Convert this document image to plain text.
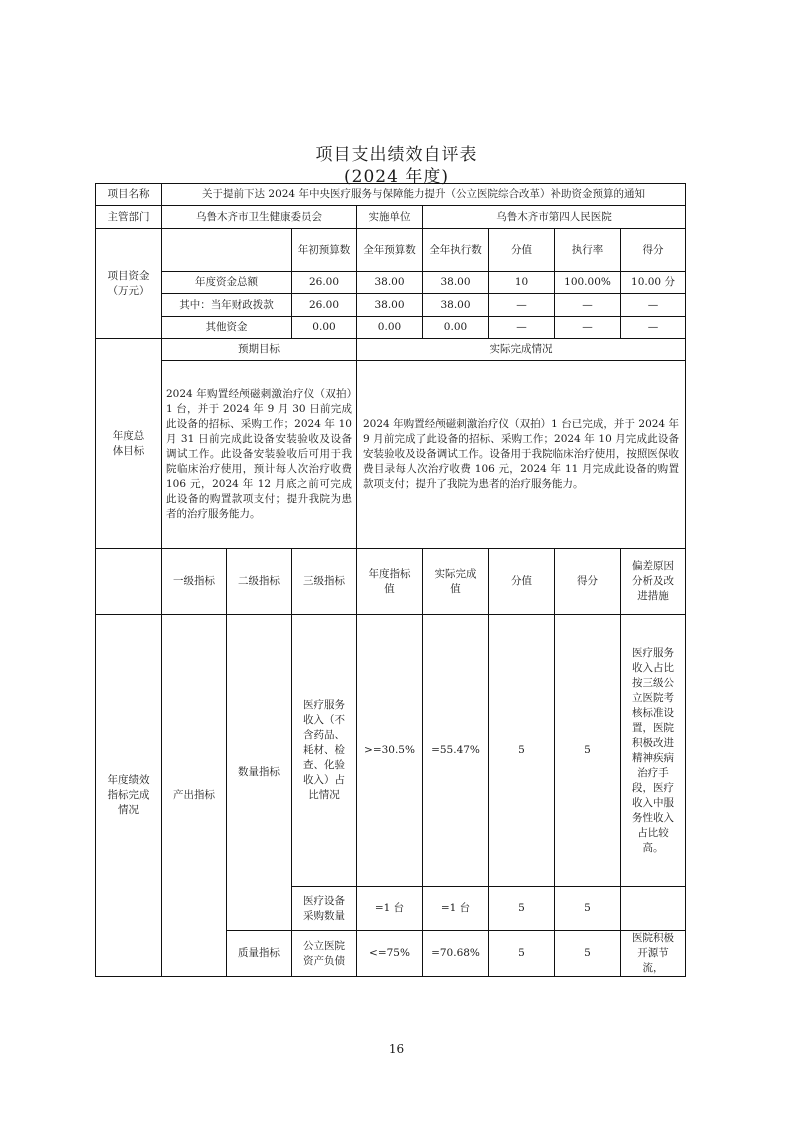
项目支出绩效自评表
(2024 年度)
项目名称	关于提前下达 2024 年中央医疗服务与保障能力提升（公立医院综合改革）补助资金预算的通知							
主管部门	乌鲁木齐市卫生健康委员会			实施单位	乌鲁木齐市第四人民医院			

项目资金
（万元）			年初预算数	全年预算数	全年执行数	分值	执行率	得分
	年度资金总额		26.00	38.00	38.00	10	100.00%	10.00 分
	其中：当年财政拨款		26.00	38.00	38.00	—	—	—
	其他资金		0.00	0.00	0.00	—	—	—
年度总体目标	预期目标			实际完成情况				
	2024 年购置经颅磁刺激治疗仪（双拍）1 台，并于 2024 年 9 月 30 日前完成此设备的招标、采购工作；2024 年 10 月 31 日前完成此设备安装验收及设备调试工作。此设备安装验收后可用于我院临床治疗使用，预计每人次治疗收费 106 元，2024 年 12 月底之前可完成此设备的购置款项支付；提升我院为患者的治疗服务能力。			2024 年购置经颅磁刺激治疗仪（双拍）1 台已完成，并于 2024 年 9 月前完成了此设备的招标、采购工作；2024 年 10 月完成此设备安装验收及设备调试工作。设备用于我院临床治疗使用，按照医保收费目录每人次治疗收费 106 元，2024 年 11 月完成此设备的购置款项支付；提升了我院为患者的治疗服务能力。				
	一级指标	二级指标	三级指标	年度指标值	实际完成值	分值	得分	偏差原因分析及改进措施
年度绩效指标完成情况	产出指标	数量指标	医疗服务收入（不含药品、耗材、检查、化验收入）占比情况	>=30.5%	=55.47%	5	5	医疗服务收入占比按三级公立医院考核标准设置，医院积极改进精神疾病治疗手段，医疗收入中服务性收入占比较高。
			医疗设备采购数量	=1 台	=1 台	5	5	
		质量指标	公立医院资产负债	<=75%	=70.68%	5	5	医院积极开源节流，
16
